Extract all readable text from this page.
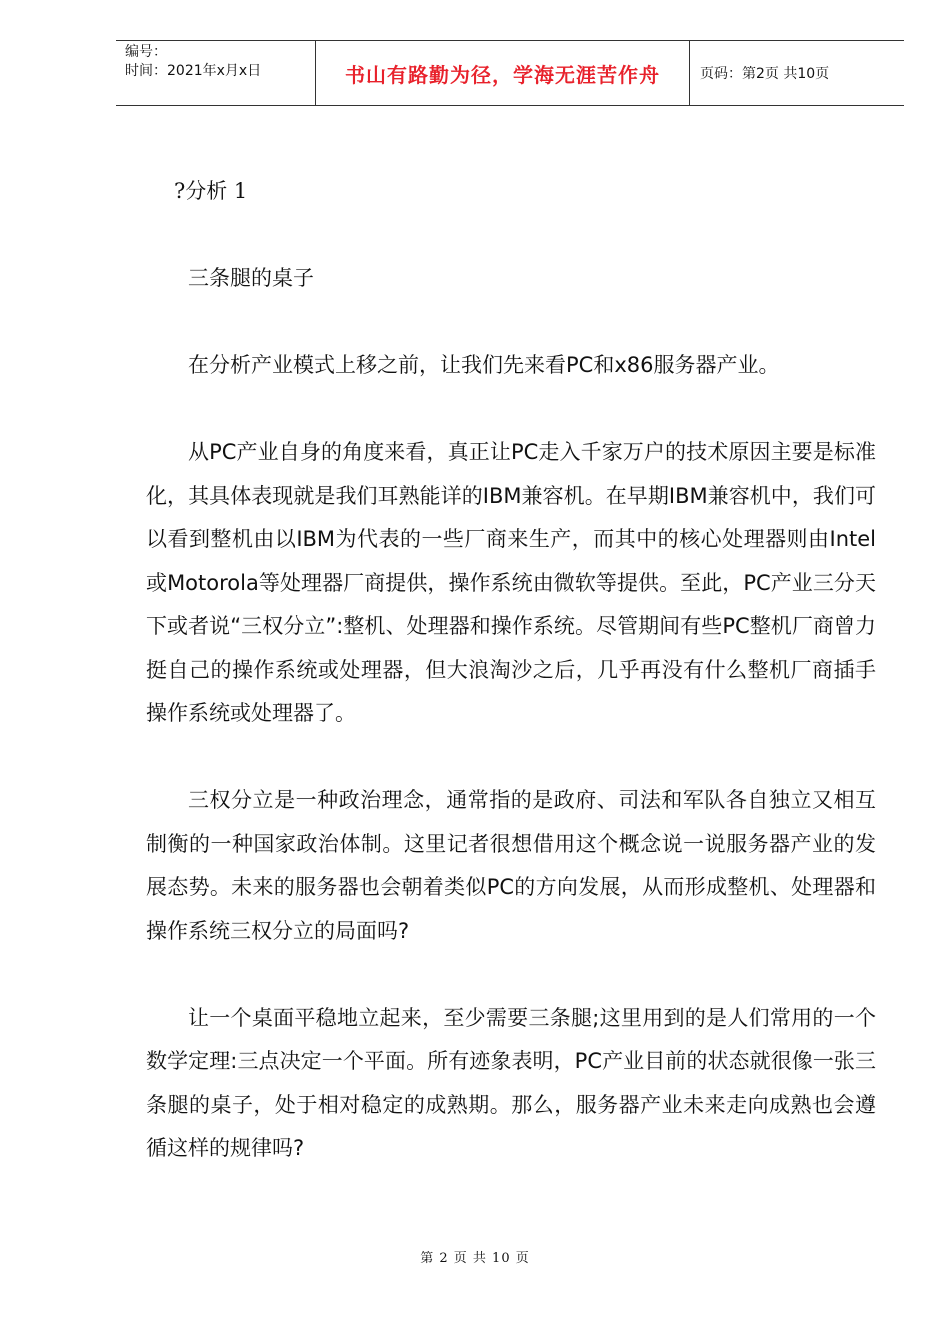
编号：
时间：2021年x月x日	书山有路勤为径，学海无涯苦作舟	页码：第2页 共10页

?分析 1

三条腿的桌子

在分析产业模式上移之前，让我们先来看PC和x86服务器产业。

从PC产业自身的角度来看，真正让PC走入千家万户的技术原因主要是标准化，其具体表现就是我们耳熟能详的IBM兼容机。在早期IBM兼容机中，我们可以看到整机由以IBM为代表的一些厂商来生产，而其中的核心处理器则由Intel或Motorola等处理器厂商提供，操作系统由微软等提供。至此，PC产业三分天下或者说“三权分立”:整机、处理器和操作系统。尽管期间有些PC整机厂商曾力挺自己的操作系统或处理器，但大浪淘沙之后，几乎再没有什么整机厂商插手操作系统或处理器了。

三权分立是一种政治理念，通常指的是政府、司法和军队各自独立又相互制衡的一种国家政治体制。这里记者很想借用这个概念说一说服务器产业的发展态势。未来的服务器也会朝着类似PC的方向发展，从而形成整机、处理器和操作系统三权分立的局面吗?

让一个桌面平稳地立起来，至少需要三条腿;这里用到的是人们常用的一个数学定理:三点决定一个平面。所有迹象表明，PC产业目前的状态就很像一张三条腿的桌子，处于相对稳定的成熟期。那么，服务器产业未来走向成熟也会遵循这样的规律吗?

第 2 页 共 10 页
